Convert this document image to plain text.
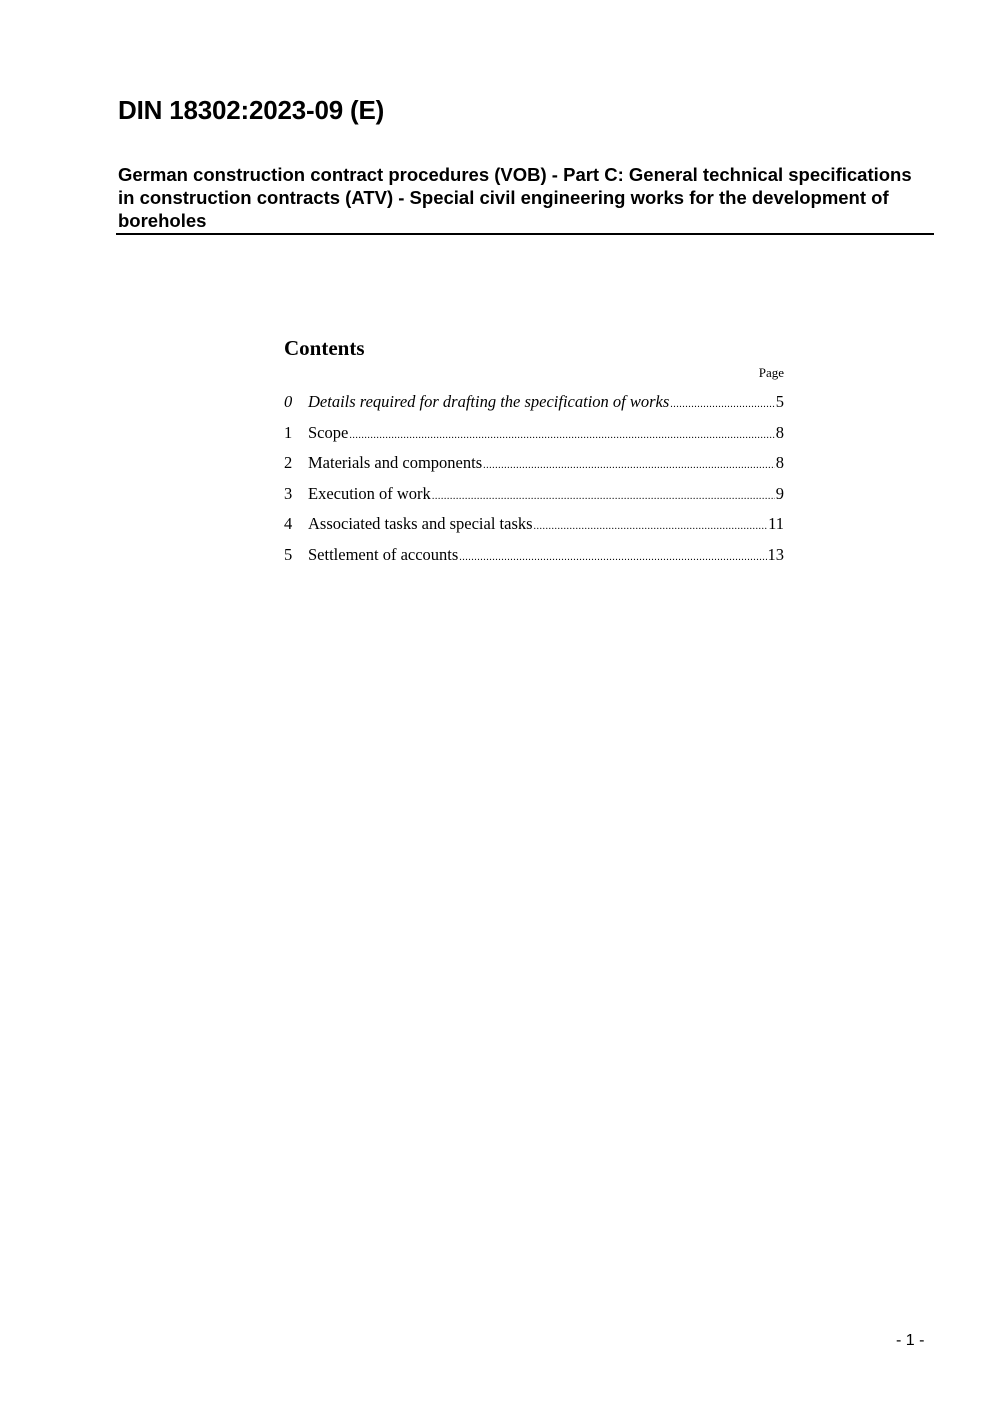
DIN 18302:2023-09 (E)
German construction contract procedures (VOB) - Part C: General technical specifications in construction contracts (ATV) - Special civil engineering works for the development of boreholes
Contents
Page
0 Details required for drafting the specification of works .....	5
1 Scope .....	8
2 Materials and components .....	8
3 Execution of work .....	9
4 Associated tasks and special tasks .....	11
5 Settlement of accounts .....	13
- 1 -
